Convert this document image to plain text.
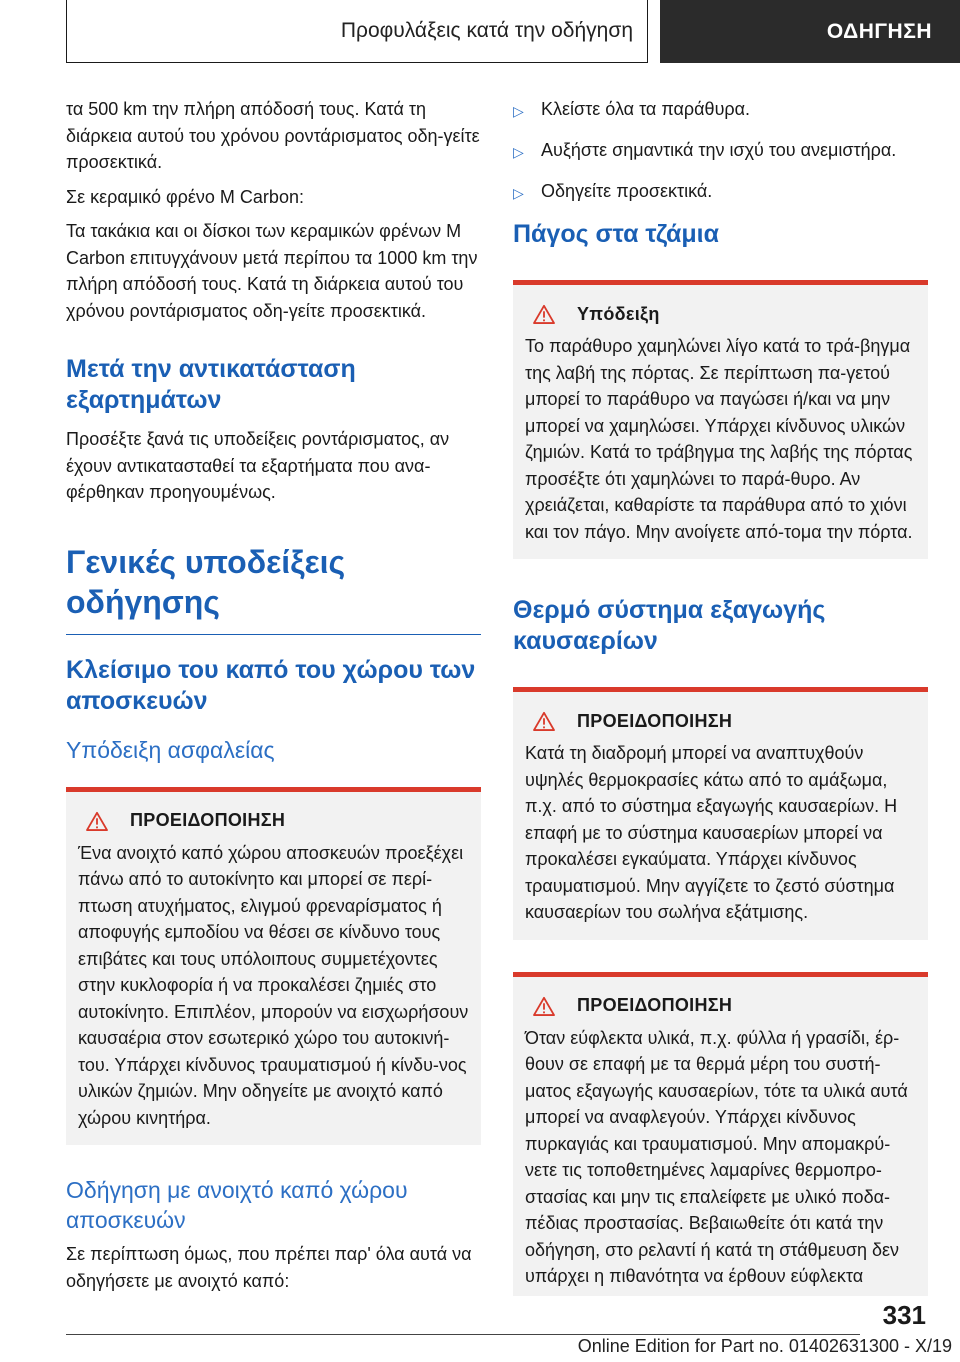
Προφυλάξεις κατά την οδήγηση	ΟΔΗΓΗΣΗ

τα 500 km την πλήρη απόδοσή τους. Κατά τη διάρκεια αυτού του χρόνου ροντάρισματος οδη‐γείτε προσεκτικά.

Σε κεραμικό φρένο M Carbon:

Τα τακάκια και οι δίσκοι των κεραμικών φρένων M Carbon επιτυγχάνουν μετά περίπου τα 1000 km την πλήρη απόδοσή τους. Κατά τη διάρκεια αυτού του χρόνου ροντάρισματος οδη‐γείτε προσεκτικά.

Μετά την αντικατάσταση εξαρτημάτων

Προσέξτε ξανά τις υποδείξεις ροντάρισματος, αν έχουν αντικατασταθεί τα εξαρτήματα που ανα‐φέρθηκαν προηγουμένως.

Γενικές υποδείξεις οδήγησης
Κλείσιμο του καπό του χώρου των αποσκευών
Υπόδειξη ασφαλείας
ΠΡΟΕΙΔΟΠΟΙΗΣΗ

Ένα ανοιχτό καπό χώρου αποσκευών προεξέχει πάνω από το αυτοκίνητο και μπορεί σε περί‐πτωση ατυχήματος, ελιγμού φρεναρίσματος ή αποφυγής εμποδίου να θέσει σε κίνδυνο τους επιβάτες και τους υπόλοιπους συμμετέχοντες στην κυκλοφορία ή να προκαλέσει ζημιές στο αυτοκίνητο. Επιπλέον, μπορούν να εισχωρήσουν καυσαέρια στον εσωτερικό χώρο του αυτοκινή‐του. Υπάρχει κίνδυνος τραυματισμού ή κίνδυ‐νος υλικών ζημιών. Μην οδηγείτε με ανοιχτό καπό χώρου κινητήρα.

Οδήγηση με ανοιχτό καπό χώρου αποσκευών

Σε περίπτωση όμως, που πρέπει παρ' όλα αυτά να οδηγήσετε με ανοιχτό καπό:

▷ Κλείστε όλα τα παράθυρα.
▷ Αυξήστε σημαντικά την ισχύ του ανεμιστήρα.
▷ Οδηγείτε προσεκτικά.
Πάγος στα τζάμια
Υπόδειξη

Το παράθυρο χαμηλώνει λίγο κατά το τρά‐βηγμα της λαβή της πόρτας. Σε περίπτωση πα‐γετού μπορεί το παράθυρο να παγώσει ή/και να μην μπορεί να χαμηλώσει. Υπάρχει κίνδυνος υλικών ζημιών. Κατά το τράβηγμα της λαβής της πόρτας προσέξτε ότι χαμηλώνει το παρά‐θυρο. Αν χρειάζεται, καθαρίστε τα παράθυρα από το χιόνι και τον πάγο. Μην ανοίγετε από‐τομα την πόρτα.

Θερμό σύστημα εξαγωγής καυσαερίων
ΠΡΟΕΙΔΟΠΟΙΗΣΗ

Κατά τη διαδρομή μπορεί να αναπτυχθούν υψηλές θερμοκρασίες κάτω από το αμάξωμα, π.χ. από το σύστημα εξαγωγής καυσαερίων. Η επαφή με το σύστημα καυσαερίων μπορεί να προκαλέσει εγκαύματα. Υπάρχει κίνδυνος τραυματισμού. Μην αγγίζετε το ζεστό σύστημα καυσαερίων του σωλήνα εξάτμισης.

ΠΡΟΕΙΔΟΠΟΙΗΣΗ

Όταν εύφλεκτα υλικά, π.χ. φύλλα ή γρασίδι, έρ‐θουν σε επαφή με τα θερμά μέρη του συστή‐ματος εξαγωγής καυσαερίων, τότε τα υλικά αυτά μπορεί να αναφλεγούν. Υπάρχει κίνδυνος πυρκαγιάς και τραυματισμού. Μην απομακρύ‐νετε τις τοποθετημένες λαμαρίνες θερμοπρο‐στασίας και μην τις επαλείφετε με υλικό ποδα‐πέδιας προστασίας. Βεβαιωθείτε ότι κατά την οδήγηση, στο ρελαντί ή κατά τη στάθμευση δεν υπάρχει η πιθανότητα να έρθουν εύφλεκτα

331
Online Edition for Part no. 01402631300 - X/19
